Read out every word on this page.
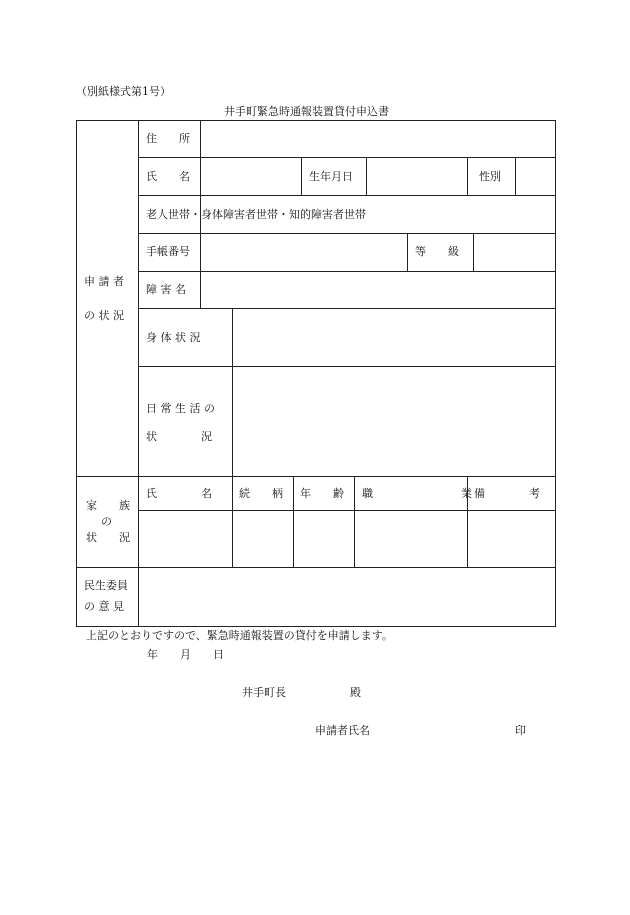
（別紙様式第1号）
井手町緊急時通報装置貸付申込書
申 請 者
の 状 況
住　　所
氏　　名	生年月日	性別
老人世帯・身体障害者世帯・知的障害者世帯
手帳番号	等　　級
障 害 名
身 体 状 況
日 常 生 活 の
状　　　　況
家　　族
の
状　　況
氏　　　　名 続　　柄 年　　齢 職　　　　　　　　業 備　　　　考
民生委員
の 意 見
上記のとおりですので、緊急時通報装置の貸付を申請します。
年　　月　　日
井手町長	殿
申請者氏名	印
